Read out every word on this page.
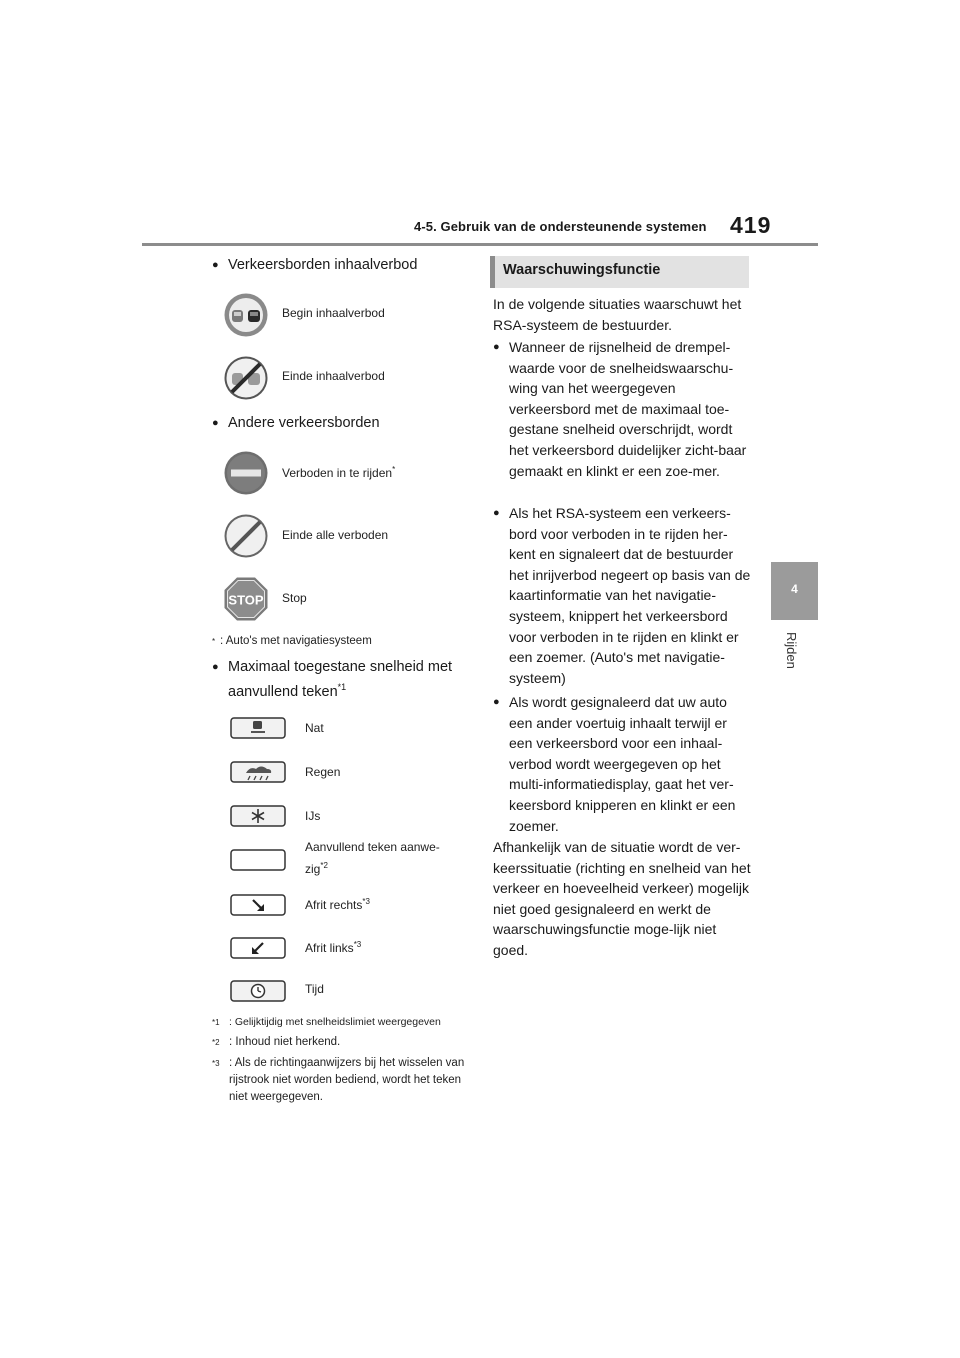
4-5. Gebruik van de ondersteunende systemen 419
4
Rijden
● Verkeersborden inhaalverbod
Begin inhaalverbod
Einde inhaalverbod
● Andere verkeersborden
Verboden in te rijden*
Einde alle verboden
STOP Stop
* : Auto's met navigatiesysteem
● Maximaal toegestane snelheid met
aanvullend teken$^{*1}$
Nat
Regen
IJs
Aanvullend teken aanwe-
zig$^{*2}$
Afrit rechts$^{*3}$
Afrit links$^{*3}$
Tijd
$^{*1}$ : Gelijktijdig met snelheidslimiet weergegeven
$^{*2}$ : Inhoud niet herkend.
$^{*3}$ : Als de richtingaanwijzers bij het wisselen van rijstrook niet worden bediend, wordt het teken niet weergegeven.
Waarschuwingsfunctie
In de volgende situaties waarschuwt het RSA-systeem de bestuurder.
● Wanneer de rijsnelheid de drempel-waarde voor de snelheidswaarschu-wing van het weergegeven verkeersbord met de maximaal toe-gestane snelheid overschrijdt, wordt het verkeersbord duidelijker zicht-baar gemaakt en klinkt er een zoe-mer.
● Als het RSA-systeem een verkeers-bord voor verboden in te rijden her-kent en signaleert dat de bestuurder het inrijverbod negeert op basis van de kaartinformatie van het navigatie-systeem, knippert het verkeersbord voor verboden in te rijden en klinkt er een zoemer. (Auto's met navigatie-systeem)
● Als wordt gesignaleerd dat uw auto een ander voertuig inhaalt terwijl er een verkeersbord voor een inhaal-verbod wordt weergegeven op het multi-informatiedisplay, gaat het ver-keersbord knipperen en klinkt er een zoemer.
Afhankelijk van de situatie wordt de ver-keerssituatie (richting en snelheid van het verkeer en hoeveelheid verkeer) mogelijk niet goed gesignaleerd en werkt de waarschuwingsfunctie moge-lijk niet goed.
